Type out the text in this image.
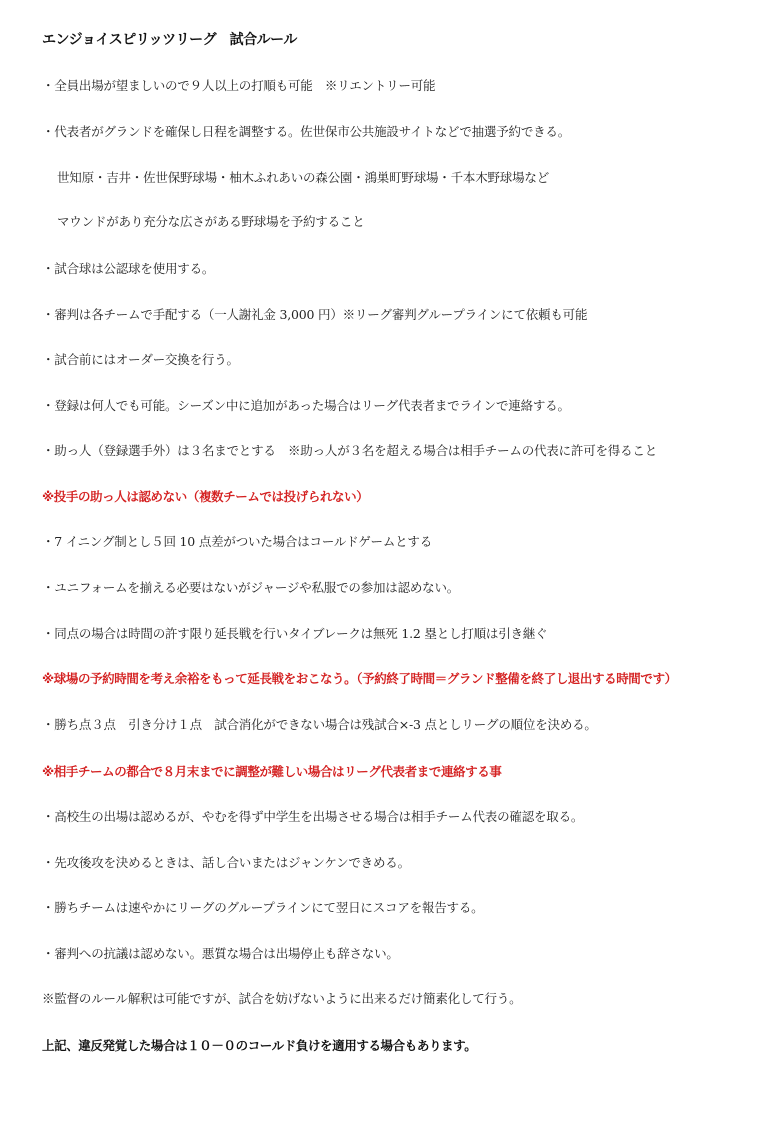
エンジョイスピリッツリーグ　試合ルール
・全員出場が望ましいので９人以上の打順も可能　※リエントリー可能
・代表者がグランドを確保し日程を調整する。佐世保市公共施設サイトなどで抽選予約できる。
世知原・吉井・佐世保野球場・柚木ふれあいの森公園・鴻巣町野球場・千本木野球場など
マウンドがあり充分な広さがある野球場を予約すること
・試合球は公認球を使用する。
・審判は各チームで手配する（一人謝礼金 3,000 円）※リーグ審判グループラインにて依頼も可能
・試合前にはオーダー交換を行う。
・登録は何人でも可能。シーズン中に追加があった場合はリーグ代表者までラインで連絡する。
・助っ人（登録選手外）は３名までとする　※助っ人が３名を超える場合は相手チームの代表に許可を得ること
※投手の助っ人は認めない（複数チームでは投げられない）
・7 イニング制とし５回 10 点差がついた場合はコールドゲームとする
・ユニフォームを揃える必要はないがジャージや私服での参加は認めない。
・同点の場合は時間の許す限り延長戦を行いタイブレークは無死 1.2 塁とし打順は引き継ぐ
※球場の予約時間を考え余裕をもって延長戦をおこなう。（予約終了時間＝グランド整備を終了し退出する時間です）
・勝ち点３点　引き分け１点　試合消化ができない場合は残試合×-3 点としリーグの順位を決める。
※相手チームの都合で８月末までに調整が難しい場合はリーグ代表者まで連絡する事
・高校生の出場は認めるが、やむを得ず中学生を出場させる場合は相手チーム代表の確認を取る。
・先攻後攻を決めるときは、話し合いまたはジャンケンできめる。
・勝ちチームは速やかにリーグのグループラインにて翌日にスコアを報告する。
・審判への抗議は認めない。悪質な場合は出場停止も辞さない。
※監督のルール解釈は可能ですが、試合を妨げないように出来るだけ簡素化して行う。
上記、違反発覚した場合は１０－０のコールド負けを適用する場合もあります。
